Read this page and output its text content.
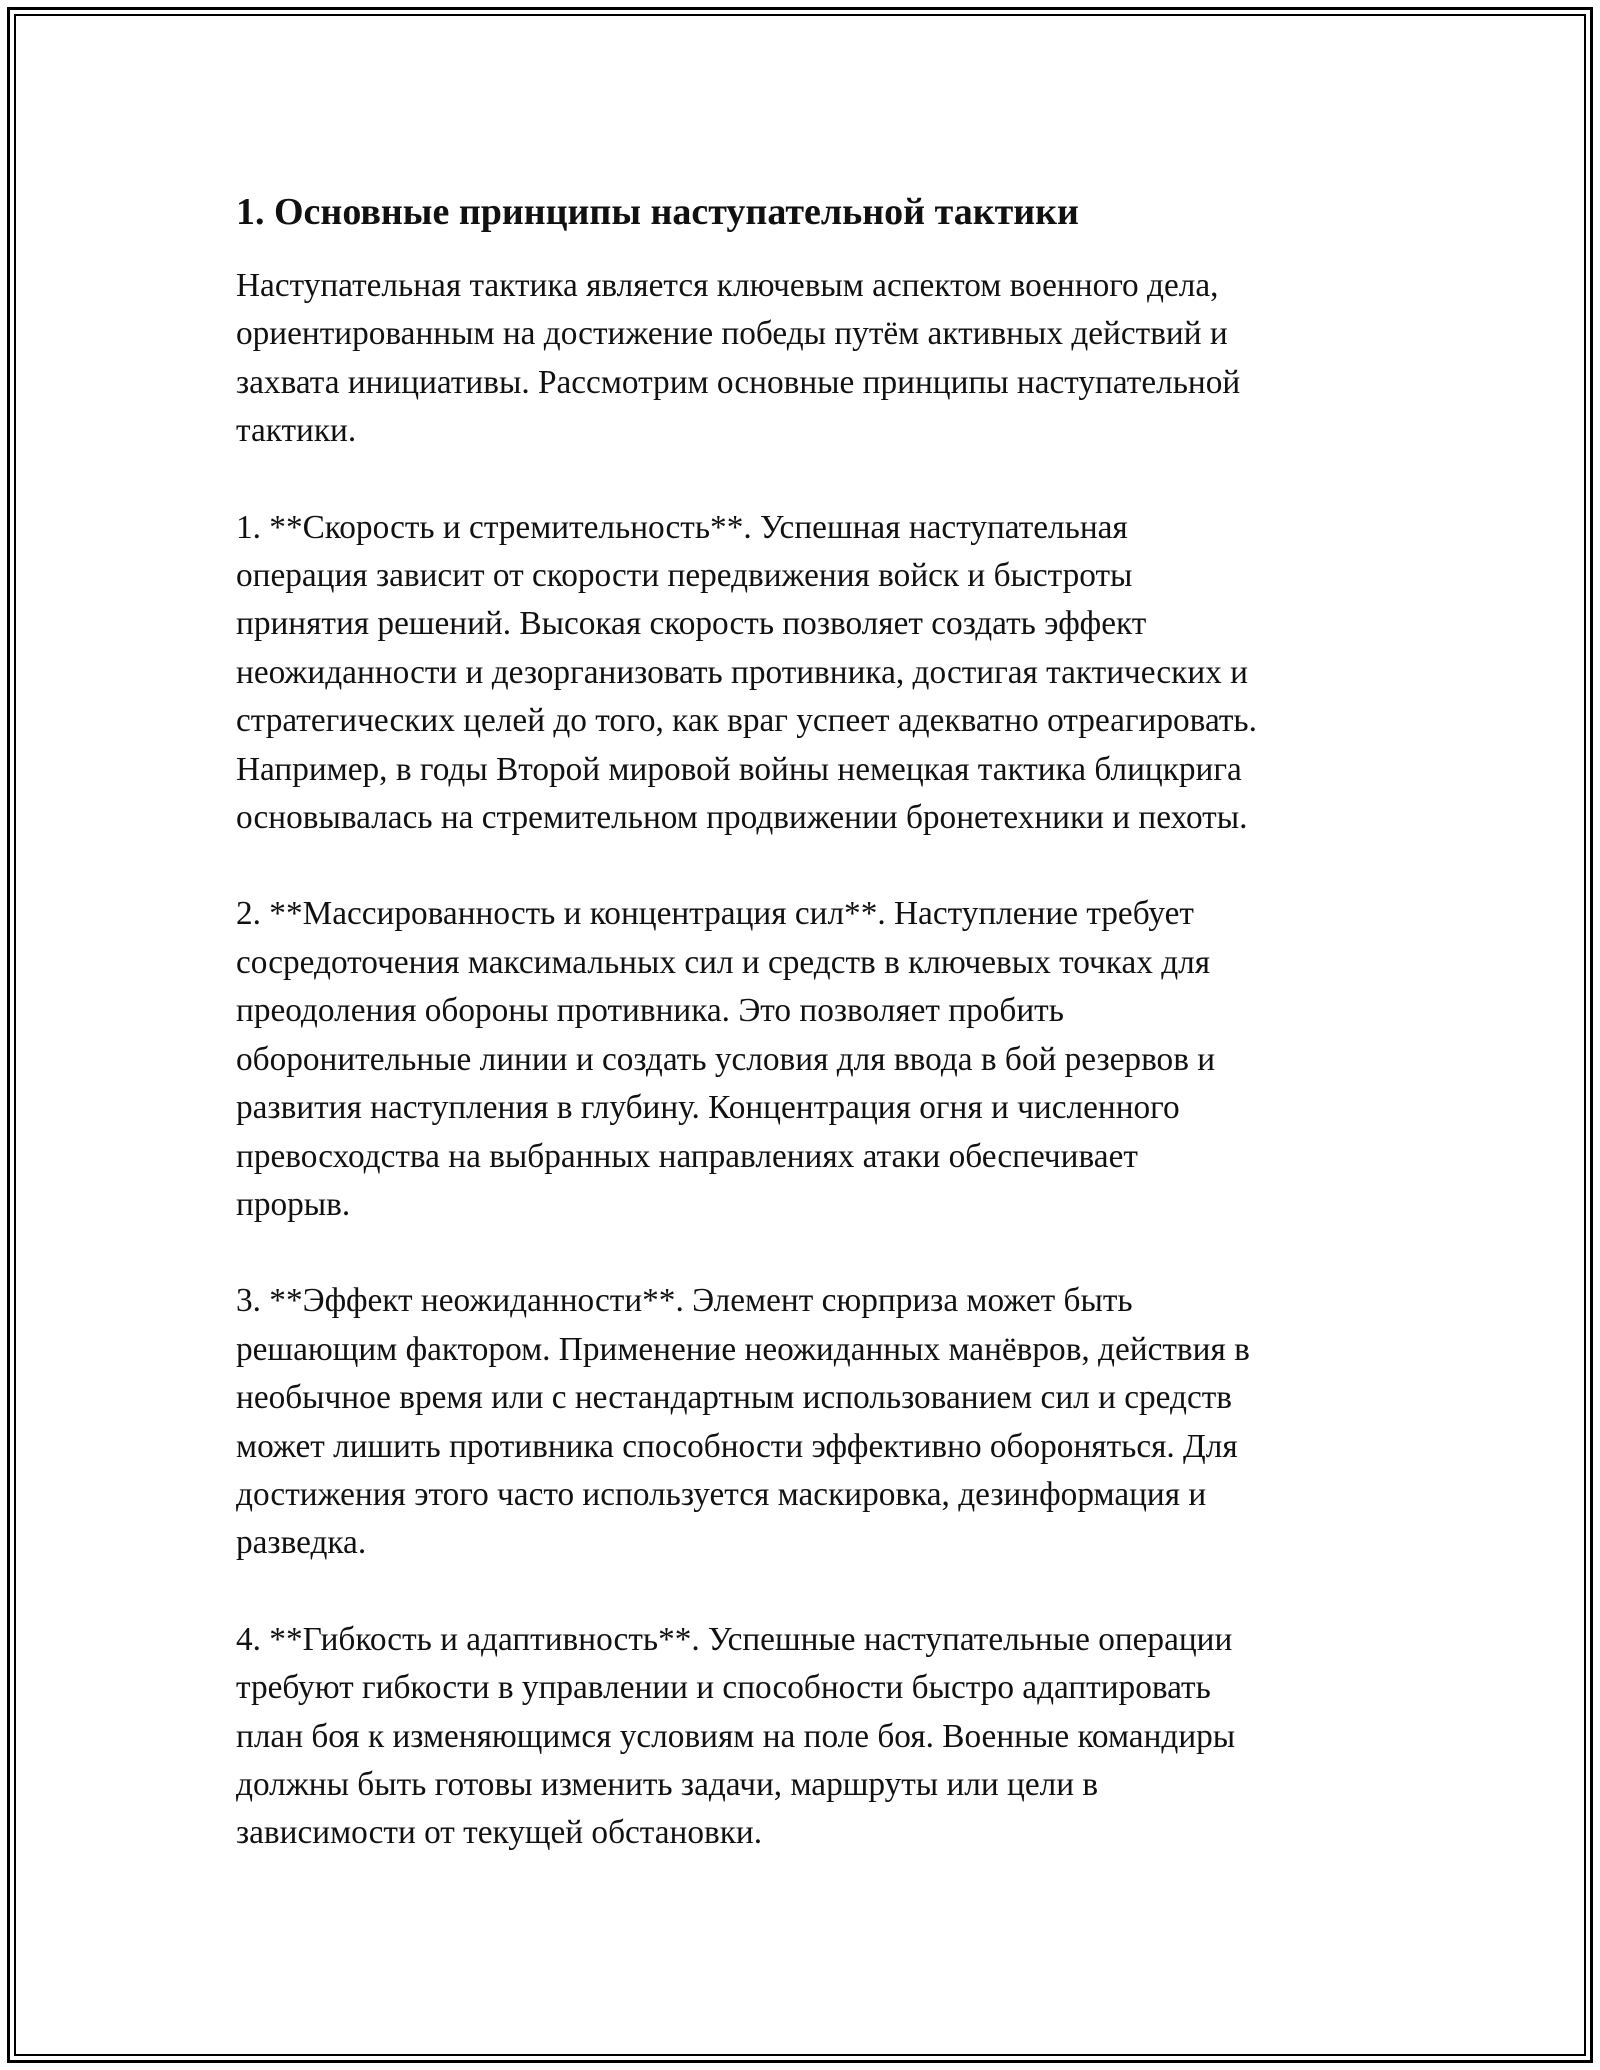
1. Основные принципы наступательной тактики

Наступательная тактика является ключевым аспектом военного дела,
ориентированным на достижение победы путём активных действий и
захвата инициативы. Рассмотрим основные принципы наступательной
тактики.

1. **Скорость и стремительность**. Успешная наступательная
операция зависит от скорости передвижения войск и быстроты
принятия решений. Высокая скорость позволяет создать эффект
неожиданности и дезорганизовать противника, достигая тактических и
стратегических целей до того, как враг успеет адекватно отреагировать.
Например, в годы Второй мировой войны немецкая тактика блицкрига
основывалась на стремительном продвижении бронетехники и пехоты.

2. **Массированность и концентрация сил**. Наступление требует
сосредоточения максимальных сил и средств в ключевых точках для
преодоления обороны противника. Это позволяет пробить
оборонительные линии и создать условия для ввода в бой резервов и
развития наступления в глубину. Концентрация огня и численного
превосходства на выбранных направлениях атаки обеспечивает
прорыв.

3. **Эффект неожиданности**. Элемент сюрприза может быть
решающим фактором. Применение неожиданных манёвров, действия в
необычное время или с нестандартным использованием сил и средств
может лишить противника способности эффективно обороняться. Для
достижения этого часто используется маскировка, дезинформация и
разведка.

4. **Гибкость и адаптивность**. Успешные наступательные операции
требуют гибкости в управлении и способности быстро адаптировать
план боя к изменяющимся условиям на поле боя. Военные командиры
должны быть готовы изменить задачи, маршруты или цели в
зависимости от текущей обстановки.
